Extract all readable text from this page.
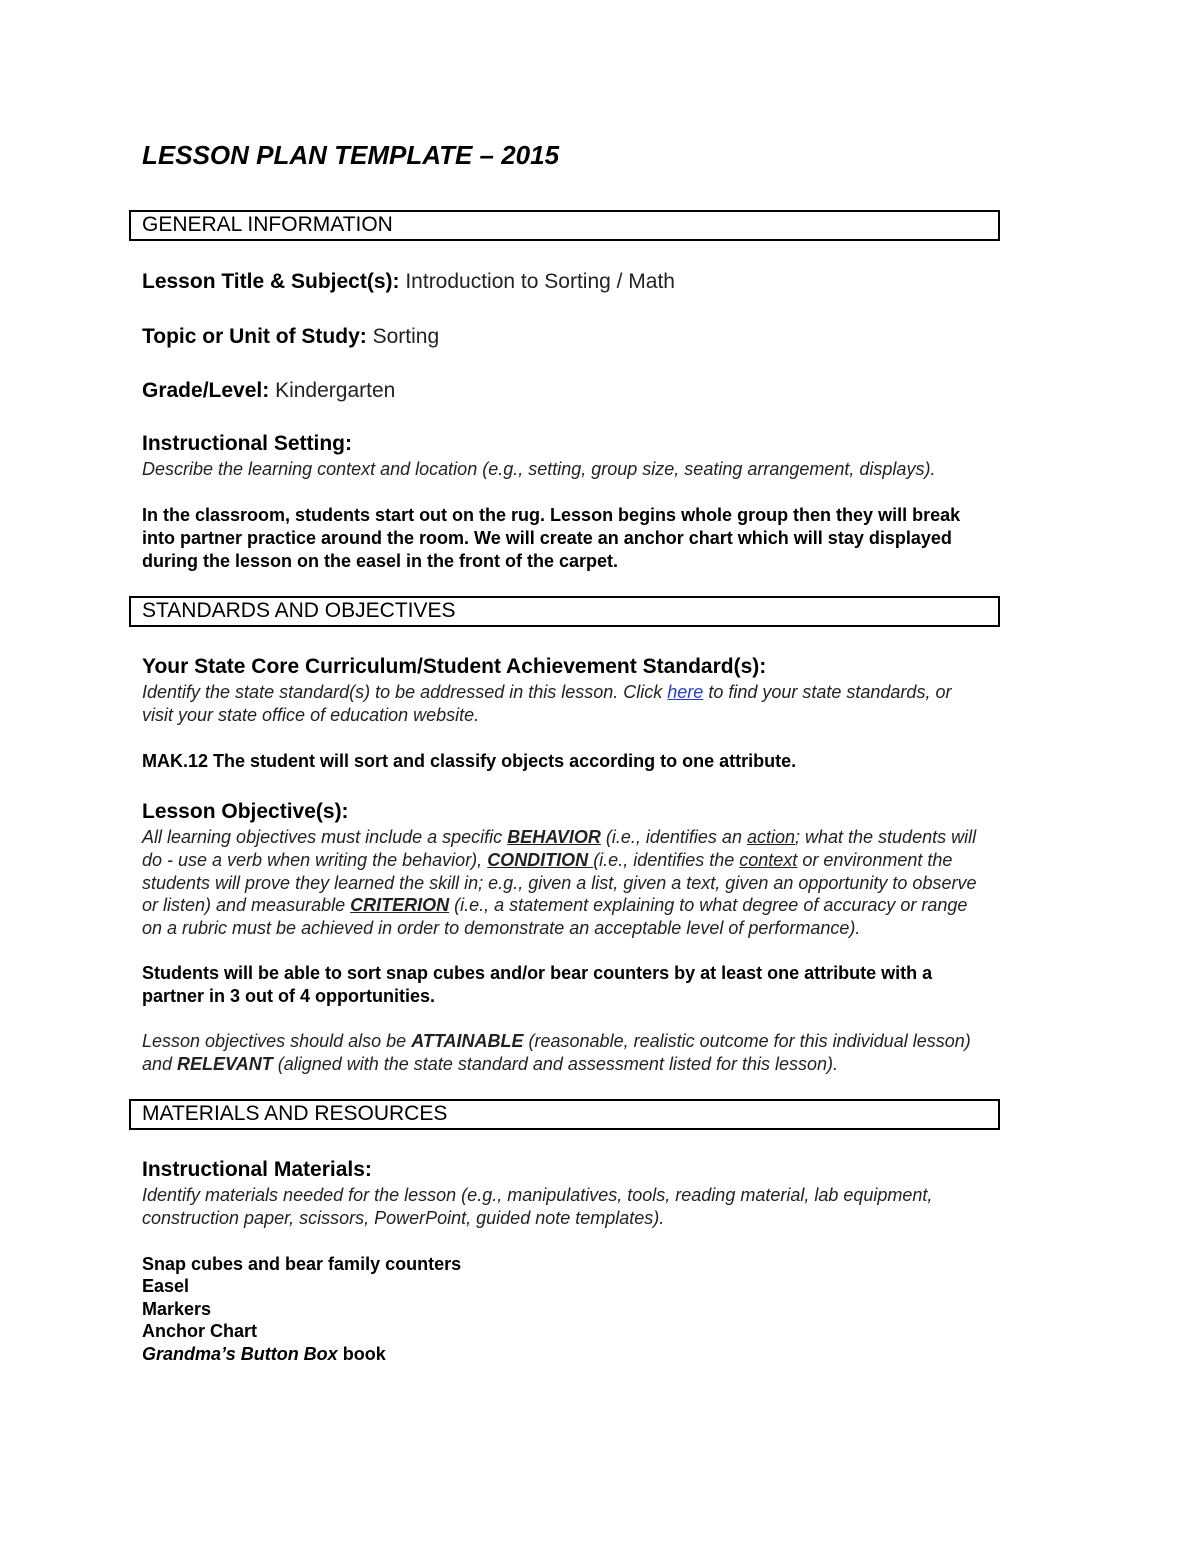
LESSON PLAN TEMPLATE – 2015
GENERAL INFORMATION
Lesson Title & Subject(s): Introduction to Sorting / Math
Topic or Unit of Study: Sorting
Grade/Level: Kindergarten
Instructional Setting:
Describe the learning context and location (e.g., setting, group size, seating arrangement, displays).
In the classroom, students start out on the rug. Lesson begins whole group then they will break
into partner practice around the room. We will create an anchor chart which will stay displayed
during the lesson on the easel in the front of the carpet.
STANDARDS AND OBJECTIVES
Your State Core Curriculum/Student Achievement Standard(s):
Identify the state standard(s) to be addressed in this lesson. Click here to find your state standards, or
visit your state office of education website.
MAK.12 The student will sort and classify objects according to one attribute.
Lesson Objective(s):
All learning objectives must include a specific BEHAVIOR (i.e., identifies an action; what the students will
do - use a verb when writing the behavior), CONDITION (i.e., identifies the context or environment the
students will prove they learned the skill in; e.g., given a list, given a text, given an opportunity to observe
or listen) and measurable CRITERION (i.e., a statement explaining to what degree of accuracy or range
on a rubric must be achieved in order to demonstrate an acceptable level of performance).
Students will be able to sort snap cubes and/or bear counters by at least one attribute with a
partner in 3 out of 4 opportunities.
Lesson objectives should also be ATTAINABLE (reasonable, realistic outcome for this individual lesson)
and RELEVANT (aligned with the state standard and assessment listed for this lesson).
MATERIALS AND RESOURCES
Instructional Materials:
Identify materials needed for the lesson (e.g., manipulatives, tools, reading material, lab equipment,
construction paper, scissors, PowerPoint, guided note templates).
Snap cubes and bear family counters
Easel
Markers
Anchor Chart
Grandma’s Button Box book
